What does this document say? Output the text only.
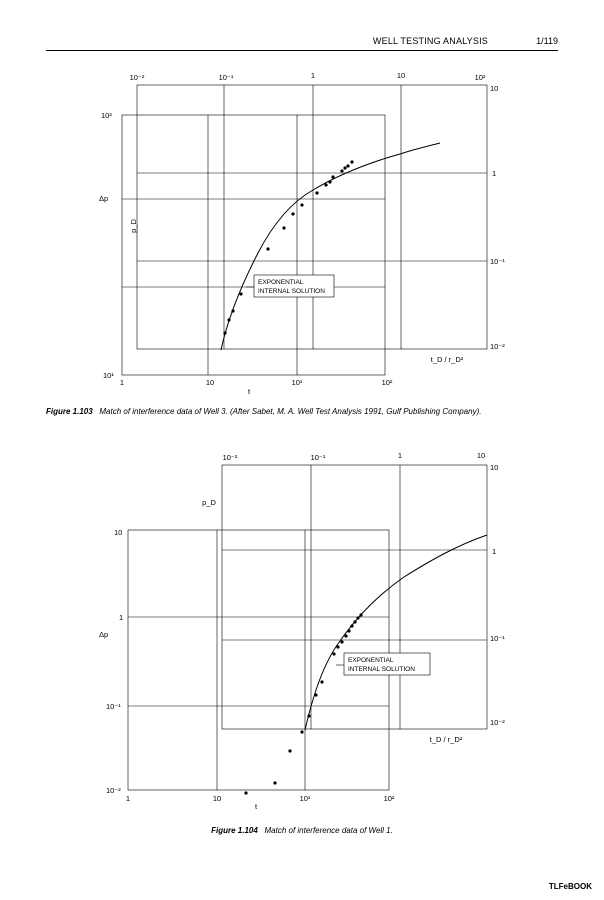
WELL TESTING ANALYSIS	1/119
10⁻²	10⁻¹	1	10	10²
10
1
10⁻¹
10⁻²
10²
10¹
1	10	10¹	10²
t
Δp
p_D
t_D / r_D²
EXPONENTIAL
INTERNAL SOLUTION
Figure 1.103 Match of interference data of Well 3. (After Sabet, M. A. Well Test Analysis 1991, Gulf Publishing Company).
10⁻²	10⁻¹	1	10
10
1
10⁻¹
10⁻²
10
1
10⁻¹
10⁻²
1	10	10¹	10²
t
Δp
p_D
t_D / r_D²
EXPONENTIAL
INTERNAL SOLUTION
Figure 1.104 Match of interference data of Well 1.
TLFeBOOK
